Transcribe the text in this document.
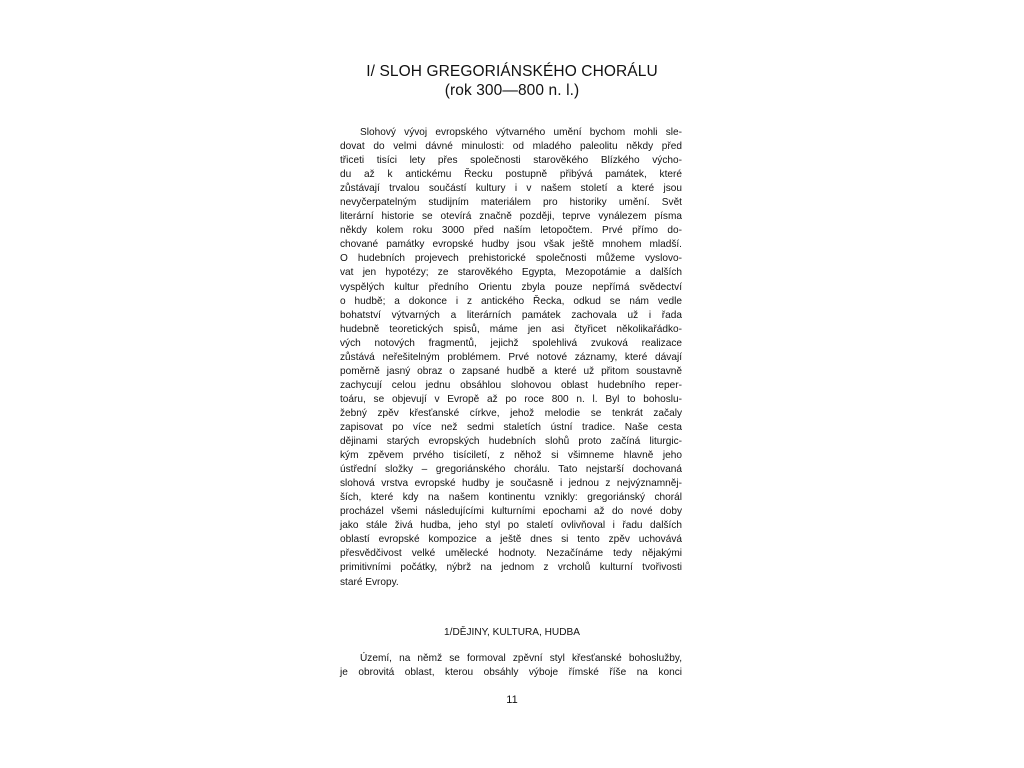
I/ SLOH GREGORIÁNSKÉHO CHORÁLU
(rok 300—800 n. l.)
Slohový vývoj evropského výtvarného umění bychom mohli sle-
dovat do velmi dávné minulosti: od mladého paleolitu někdy před
třiceti tisíci lety přes společnosti starověkého Blízkého výcho-
du až k antickému Řecku postupně přibývá památek, které
zůstávají trvalou součástí kultury i v našem století a které jsou
nevyčerpatelným studijním materiálem pro historiky umění. Svět
literární historie se otevírá značně později, teprve vynálezem písma
někdy kolem roku 3000 před naším letopočtem. Prvé přímo do-
chované památky evropské hudby jsou však ještě mnohem mladší.
O hudebních projevech prehistorické společnosti můžeme vyslovo-
vat jen hypotézy; ze starověkého Egypta, Mezopotámie a dalších
vyspělých kultur předního Orientu zbyla pouze nepřímá svědectví
o hudbě; a dokonce i z antického Řecka, odkud se nám vedle
bohatství výtvarných a literárních památek zachovala už i řada
hudebně teoretických spisů, máme jen asi čtyřicet několikařádko-
vých notových fragmentů, jejichž spolehlivá zvuková realizace
zůstává neřešitelným problémem. Prvé notové záznamy, které dávají
poměrně jasný obraz o zapsané hudbě a které už přitom soustavně
zachycují celou jednu obsáhlou slohovou oblast hudebního reper-
toáru, se objevují v Evropě až po roce 800 n. l. Byl to bohoslu-
žebný zpěv křesťanské církve, jehož melodie se tenkrát začaly
zapisovat po více než sedmi staletích ústní tradice. Naše cesta
dějinami starých evropských hudebních slohů proto začíná liturgic-
kým zpěvem prvého tisíciletí, z něhož si všimneme hlavně jeho
ústřední složky – gregoriánského chorálu. Tato nejstarší dochovaná
slohová vrstva evropské hudby je současně i jednou z nejvýznamněj-
ších, které kdy na našem kontinentu vznikly: gregoriánský chorál
procházel všemi následujícími kulturními epochami až do nové doby
jako stále živá hudba, jeho styl po staletí ovlivňoval i řadu dalších
oblastí evropské kompozice a ještě dnes si tento zpěv uchovává
přesvědčivost velké umělecké hodnoty. Nezačínáme tedy nějakými
primitivními počátky, nýbrž na jednom z vrcholů kulturní tvořivosti
staré Evropy.
1/DĚJINY, KULTURA, HUDBA
Území, na němž se formoval zpěvní styl křesťanské bohoslužby,
je obrovitá oblast, kterou obsáhly výboje římské říše na konci
11
